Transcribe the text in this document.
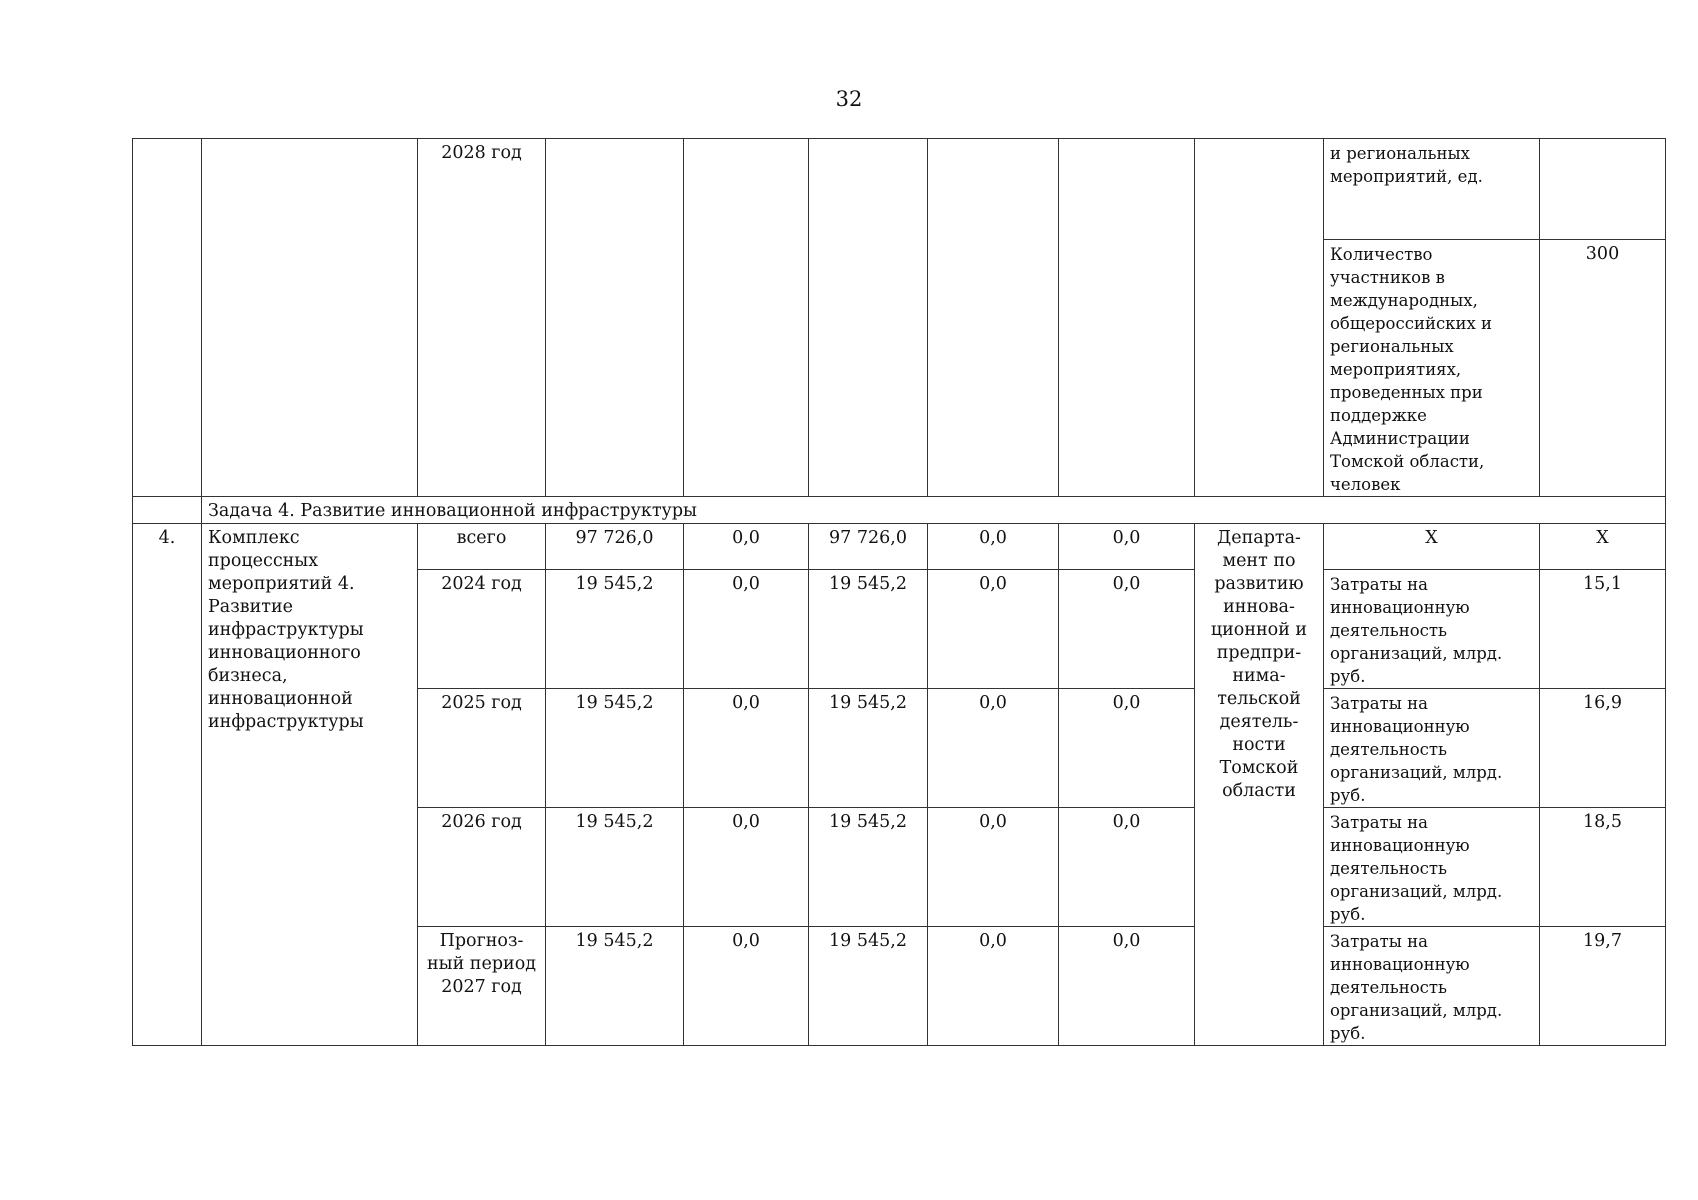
32
		2028 год							и региональных мероприятий, ед.	
									Количество участников в международных, общероссийских и региональных мероприятиях, проведенных при поддержке Администрации Томской области, человек	300
	Задача 4. Развитие инновационной инфраструктуры									
4.	Комплекс процессных мероприятий 4. Развитие инфраструктуры инновационного бизнеса, инновационной инфраструктуры	всего	97 726,0	0,0	97 726,0	0,0	0,0	Департа-мент по развитию иннова-ционной и предпри-нима-тельской деятель-ности Томской области	Х	Х
		2024 год	19 545,2	0,0	19 545,2	0,0	0,0		Затраты на инновационную деятельность организаций, млрд. руб.	15,1
		2025 год	19 545,2	0,0	19 545,2	0,0	0,0		Затраты на инновационную деятельность организаций, млрд. руб.	16,9
		2026 год	19 545,2	0,0	19 545,2	0,0	0,0		Затраты на инновационную деятельность организаций, млрд. руб.	18,5
		Прогноз-ный период 2027 год	19 545,2	0,0	19 545,2	0,0	0,0		Затраты на инновационную деятельность организаций, млрд. руб.	19,7
